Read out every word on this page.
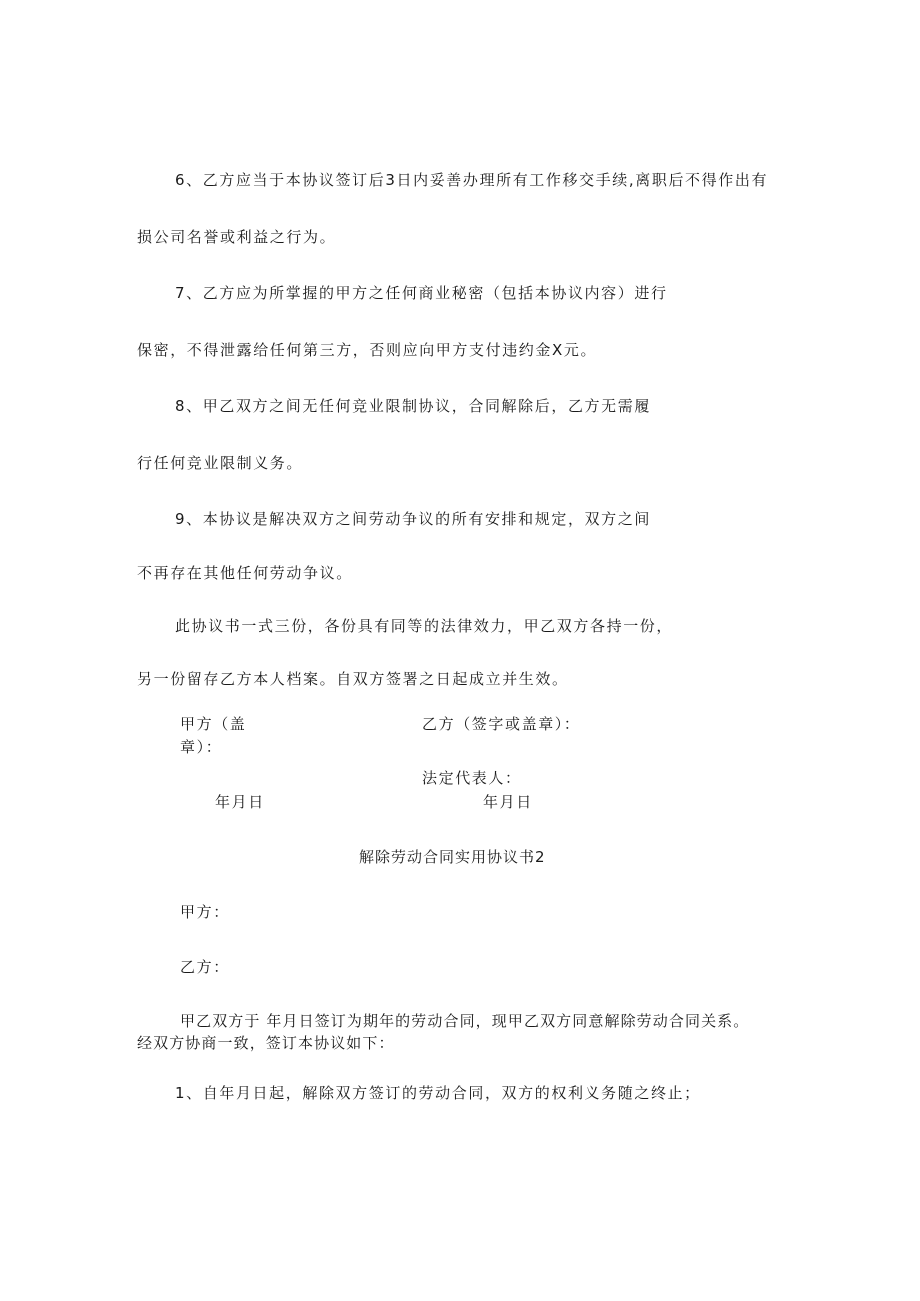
6、乙方应当于本协议签订后3日内妥善办理所有工作移交手续,离职后不得作出有
损公司名誉或利益之行为。
7、乙方应为所掌握的甲方之任何商业秘密（包括本协议内容）进行
保密，不得泄露给任何第三方，否则应向甲方支付违约金X元。
8、甲乙双方之间无任何竞业限制协议，合同解除后，乙方无需履
行任何竞业限制义务。
9、本协议是解决双方之间劳动争议的所有安排和规定，双方之间
不再存在其他任何劳动争议。
此协议书一式三份，各份具有同等的法律效力，甲乙双方各持一份，
另一份留存乙方本人档案。自双方签署之日起成立并生效。
甲方（盖
章）：
乙方（签字或盖章）：
法定代表人：
年月日	年月日
解除劳动合同实用协议书2
甲方：
乙方：
甲乙双方于 年月日签订为期年的劳动合同，现甲乙双方同意解除劳动合同关系。
经双方协商一致，签订本协议如下：
1、自年月日起，解除双方签订的劳动合同，双方的权利义务随之终止；
